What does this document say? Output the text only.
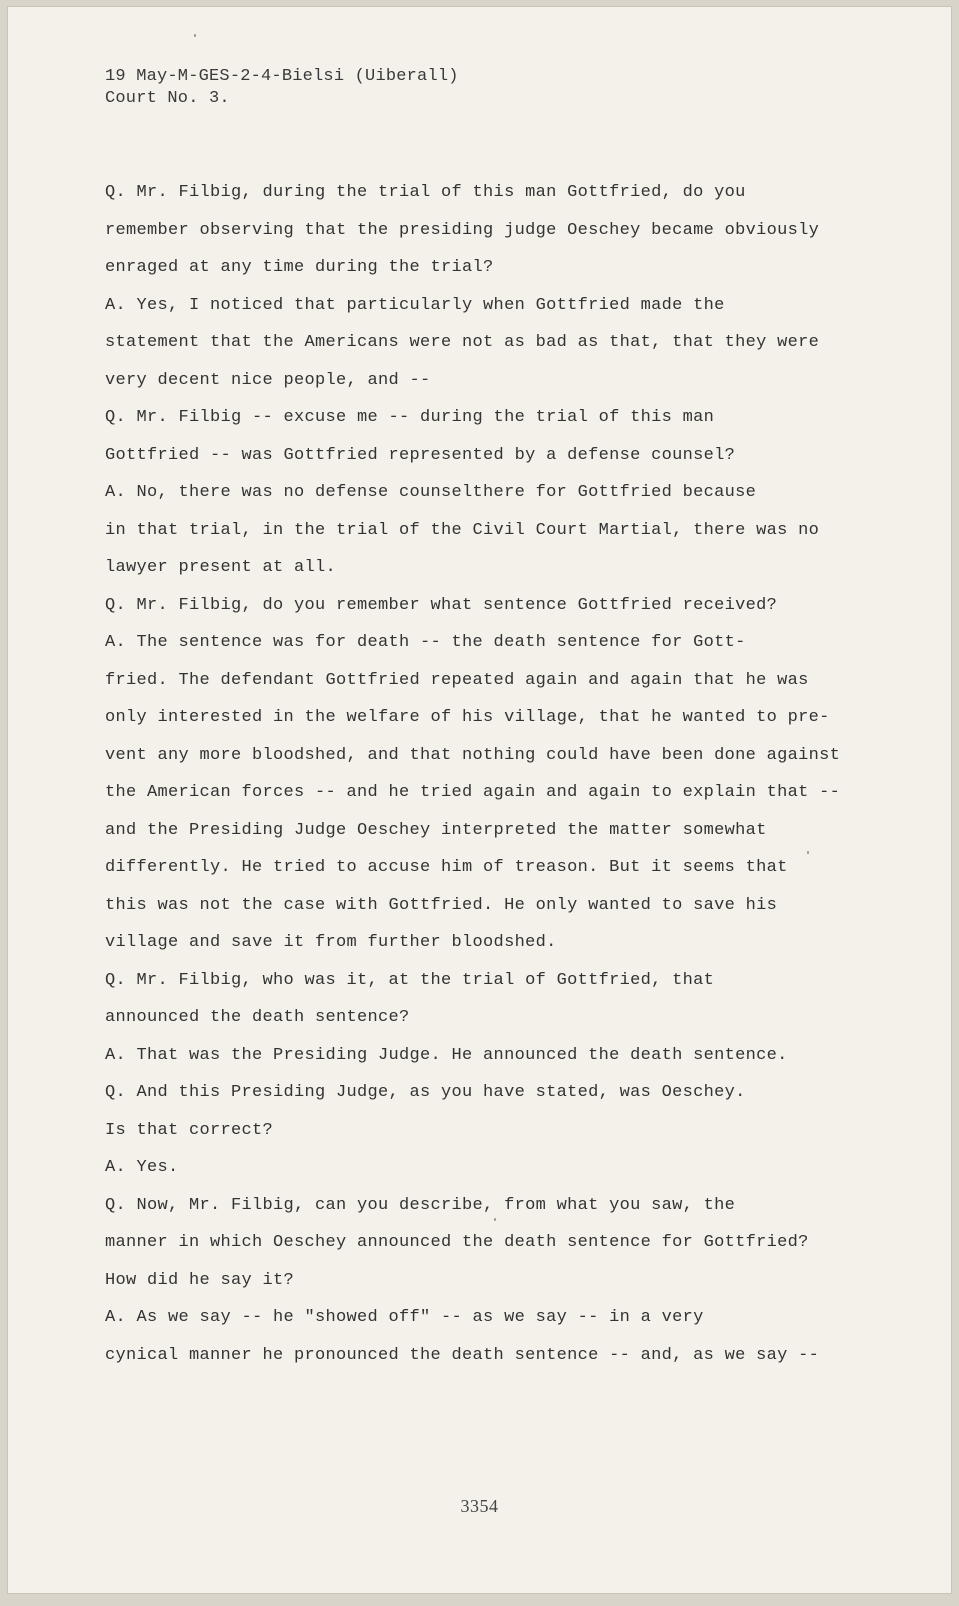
19 May-M-GES-2-4-Bielsi (Uiberall)
Court No. 3.
Q. Mr. Filbig, during the trial of this man Gottfried, do you
remember observing that the presiding judge Oeschey became obviously
enraged at any time during the trial?
A. Yes, I noticed that particularly when Gottfried made the
statement that the Americans were not as bad as that, that they were
very decent nice people, and --
Q. Mr. Filbig -- excuse me -- during the trial of this man
Gottfried -- was Gottfried represented by a defense counsel?
A. No, there was no defense counselthere for Gottfried because
in that trial, in the trial of the Civil Court Martial, there was no
lawyer present at all.
Q. Mr. Filbig, do you remember what sentence Gottfried received?
A. The sentence was for death -- the death sentence for Gott-
fried. The defendant Gottfried repeated again and again that he was
only interested in the welfare of his village, that he wanted to pre-
vent any more bloodshed, and that nothing could have been done against
the American forces -- and he tried again and again to explain that --
and the Presiding Judge Oeschey interpreted the matter somewhat
differently. He tried to accuse him of treason. But it seems that
this was not the case with Gottfried. He only wanted to save his
village and save it from further bloodshed.
Q. Mr. Filbig, who was it, at the trial of Gottfried, that
announced the death sentence?
A. That was the Presiding Judge. He announced the death sentence.
Q. And this Presiding Judge, as you have stated, was Oeschey.
Is that correct?
A. Yes.
Q. Now, Mr. Filbig, can you describe, from what you saw, the
manner in which Oeschey announced the death sentence for Gottfried?
How did he say it?
A. As we say -- he "showed off" -- as we say -- in a very
cynical manner he pronounced the death sentence -- and, as we say --
3354
